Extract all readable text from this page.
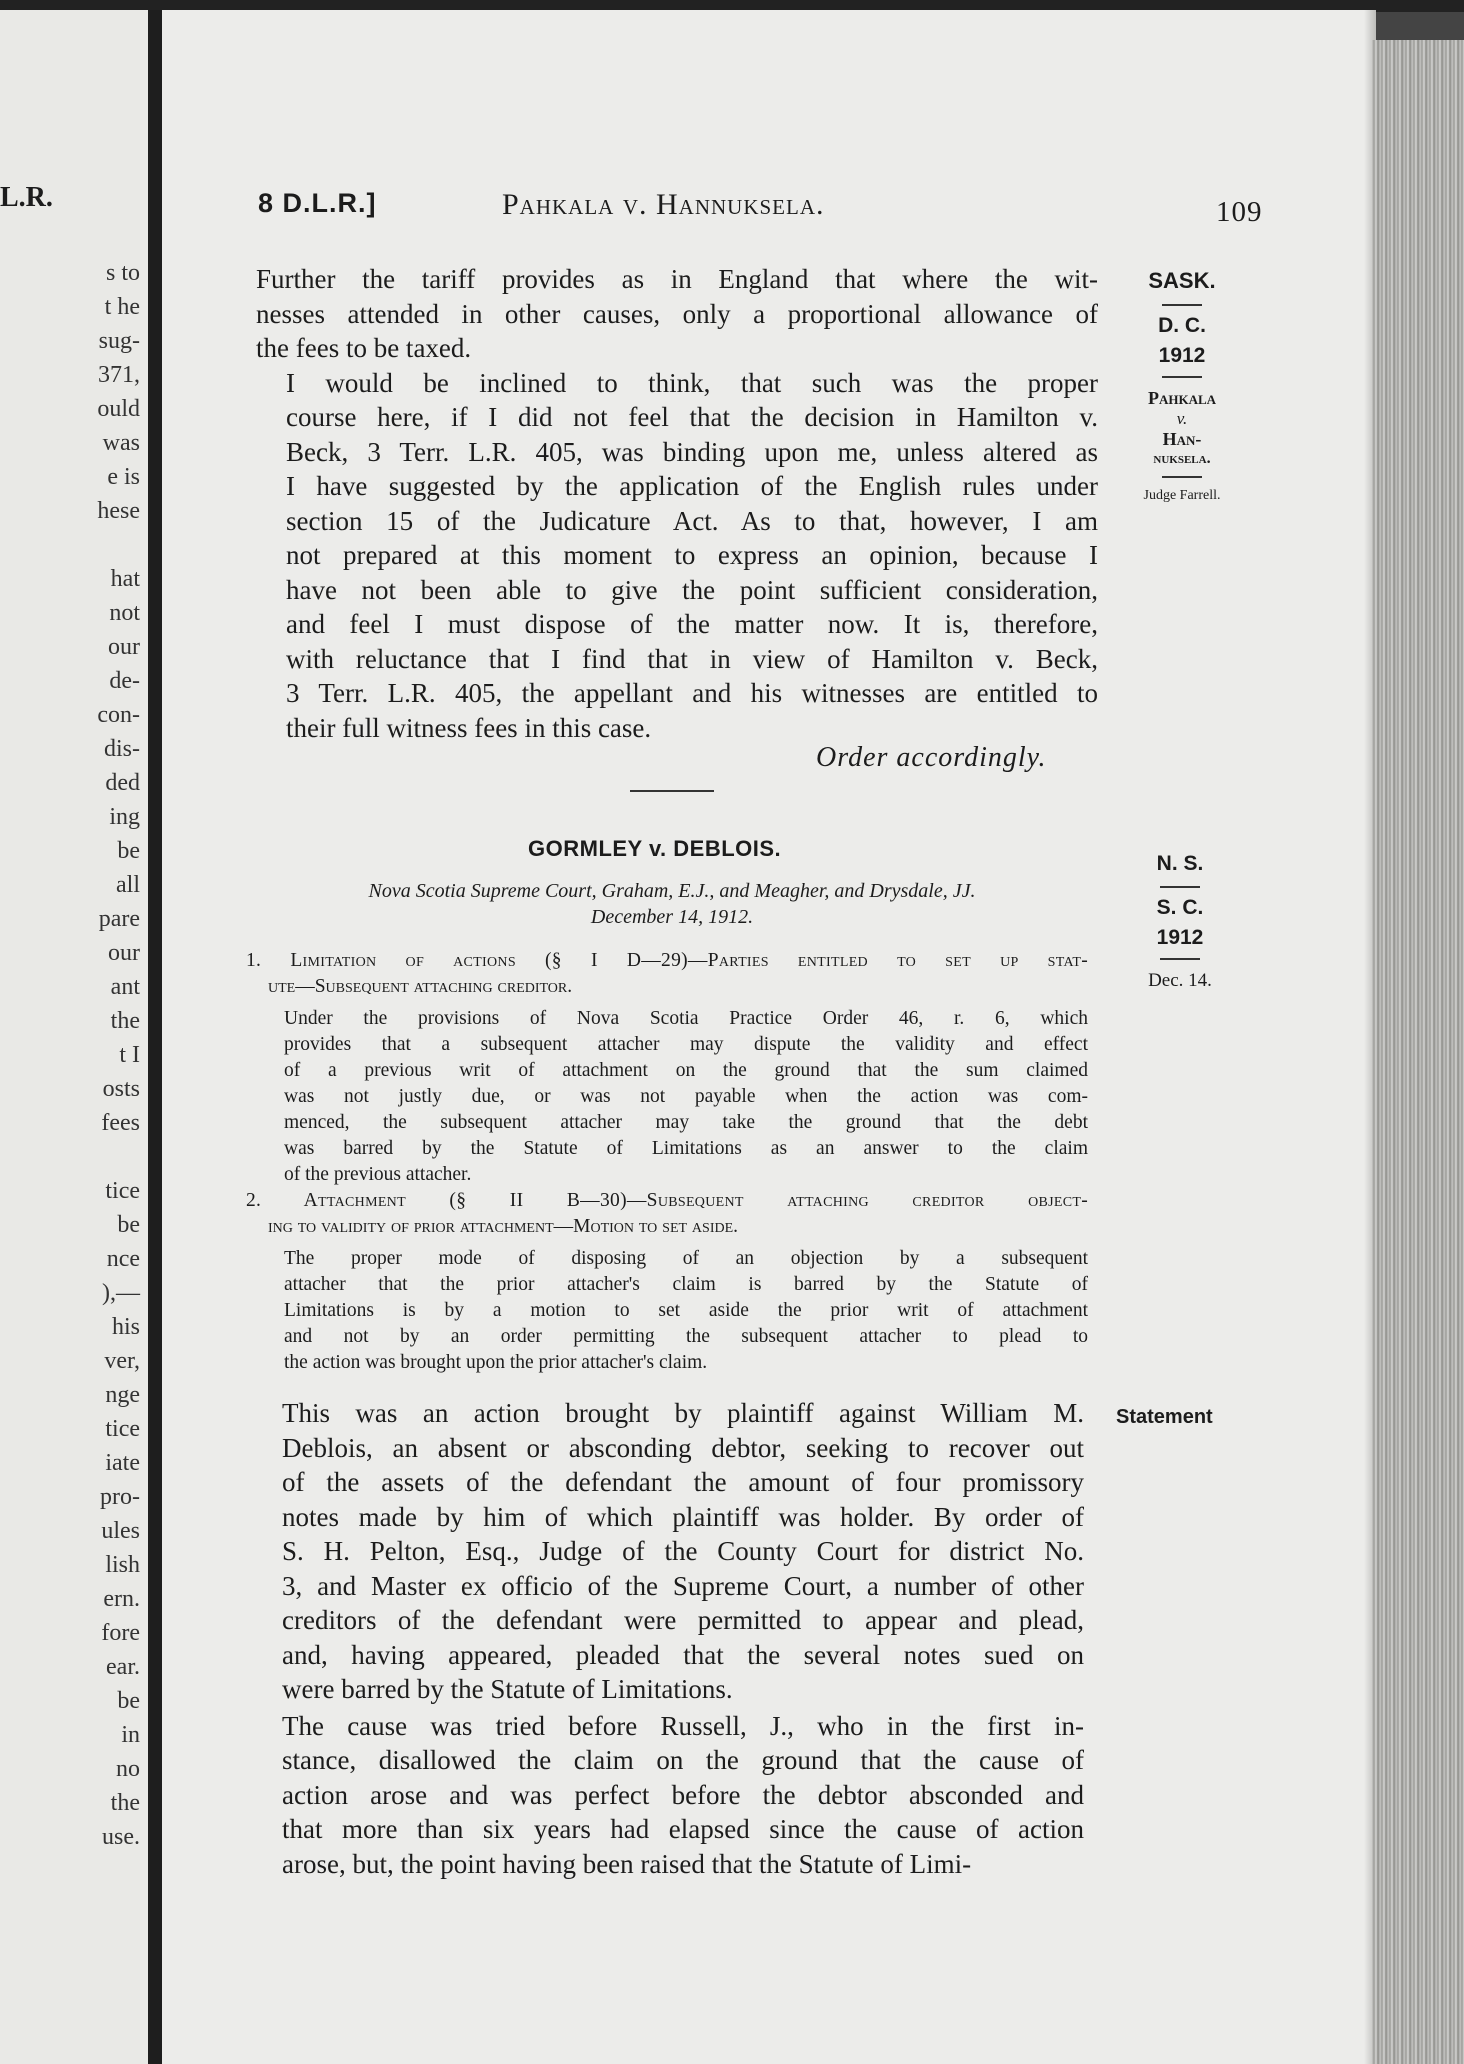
L.R.
s to
t he
sug-
371,
ould
was
e is
hese
hat
not
our
de-
con-
dis-
ded
ing
be
all
pare
our
ant
the
t I
osts
fees
tice
be
nce
),—
his
ver,
nge
tice
iate
pro-
ules
lish
ern.
fore
ear.
be
in
no
the
use.
8 D.L.R.]	Pahkala v. Hannuksela.	109
SASK.
D. C.
1912
Pahkala
v.
Han-
nuksela.
Judge Farrell.

Further the tariff provides as in England that where the wit-

nesses attended in other causes, only a proportional allowance of

the fees to be taxed.

I would be inclined to think, that such was the proper

course here, if I did not feel that the decision in Hamilton v.

Beck, 3 Terr. L.R. 405, was binding upon me, unless altered as

I have suggested by the application of the English rules under

section 15 of the Judicature Act. As to that, however, I am

not prepared at this moment to express an opinion, because I

have not been able to give the point sufficient consideration,

and feel I must dispose of the matter now. It is, therefore,

with reluctance that I find that in view of Hamilton v. Beck,

3 Terr. L.R. 405, the appellant and his witnesses are entitled to

their full witness fees in this case.

Order accordingly.
GORMLEY v. DEBLOIS.
Nova Scotia Supreme Court, Graham, E.J., and Meagher, and Drysdale, JJ.
December 14, 1912.
N. S.
S. C.
1912
Dec. 14.

1. Limitation of actions (§ I D—29)—Parties entitled to set up stat-

ute—Subsequent attaching creditor.

Under the provisions of Nova Scotia Practice Order 46, r. 6, which

provides that a subsequent attacher may dispute the validity and effect

of a previous writ of attachment on the ground that the sum claimed

was not justly due, or was not payable when the action was com-

menced, the subsequent attacher may take the ground that the debt

was barred by the Statute of Limitations as an answer to the claim

of the previous attacher.

2. Attachment (§ II B—30)—Subsequent attaching creditor object-

ing to validity of prior attachment—Motion to set aside.

The proper mode of disposing of an objection by a subsequent

attacher that the prior attacher's claim is barred by the Statute of

Limitations is by a motion to set aside the prior writ of attachment

and not by an order permitting the subsequent attacher to plead to

the action was brought upon the prior attacher's claim.

Statement

This was an action brought by plaintiff against William M.

Deblois, an absent or absconding debtor, seeking to recover out

of the assets of the defendant the amount of four promissory

notes made by him of which plaintiff was holder. By order of

S. H. Pelton, Esq., Judge of the County Court for district No.

3, and Master ex officio of the Supreme Court, a number of other

creditors of the defendant were permitted to appear and plead,

and, having appeared, pleaded that the several notes sued on

were barred by the Statute of Limitations.

The cause was tried before Russell, J., who in the first in-

stance, disallowed the claim on the ground that the cause of

action arose and was perfect before the debtor absconded and

that more than six years had elapsed since the cause of action

arose, but, the point having been raised that the Statute of Limi-
